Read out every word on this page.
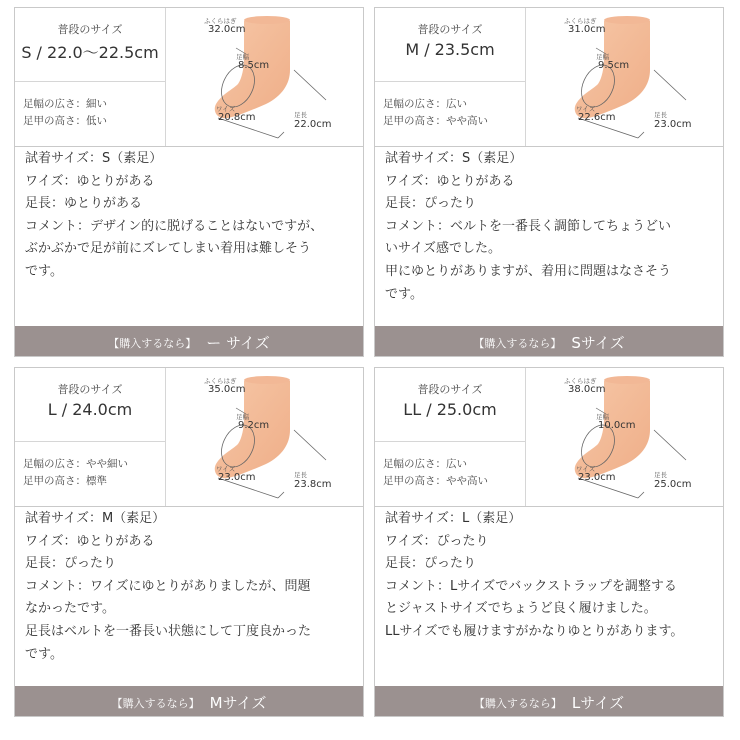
普段のサイズ
S / 22.0〜22.5cm
足幅の広さ：細い
足甲の高さ：低い
ふくらはぎ
32.0cm
足幅
8.5cm
ワイズ
20.8cm	足長
22.0cm
試着サイズ：S（素足）
ワイズ：ゆとりがある
足長：ゆとりがある
コメント：デザイン的に脱げることはないですが、
ぶかぶかで足が前にズレてしまい着用は難しそう
です。
【購入するなら】 ー サイズ
普段のサイズ
M / 23.5cm
足幅の広さ：広い
足甲の高さ：やや高い
ふくらはぎ
31.0cm
足幅
9.5cm
ワイズ
22.6cm	足長
23.0cm
試着サイズ：S（素足）
ワイズ：ゆとりがある
足長：ぴったり
コメント：ベルトを一番長く調節してちょうどい
いサイズ感でした。
甲にゆとりがありますが、着用に問題はなさそう
です。
【購入するなら】 Sサイズ
普段のサイズ
L / 24.0cm
足幅の広さ：やや細い
足甲の高さ：標準
ふくらはぎ
35.0cm
足幅
9.2cm
ワイズ
23.0cm	足長
23.8cm
試着サイズ：M（素足）
ワイズ：ゆとりがある
足長：ぴったり
コメント：ワイズにゆとりがありましたが、問題
なかったです。
足長はベルトを一番長い状態にして丁度良かった
です。
【購入するなら】 Mサイズ
普段のサイズ
LL / 25.0cm
足幅の広さ：広い
足甲の高さ：やや高い
ふくらはぎ
38.0cm
足幅
10.0cm
ワイズ
23.0cm	足長
25.0cm
試着サイズ：L（素足）
ワイズ：ぴったり
足長：ぴったり
コメント：Lサイズでバックストラップを調整する
とジャストサイズでちょうど良く履けました。
LLサイズでも履けますがかなりゆとりがあります。
【購入するなら】 Lサイズ
